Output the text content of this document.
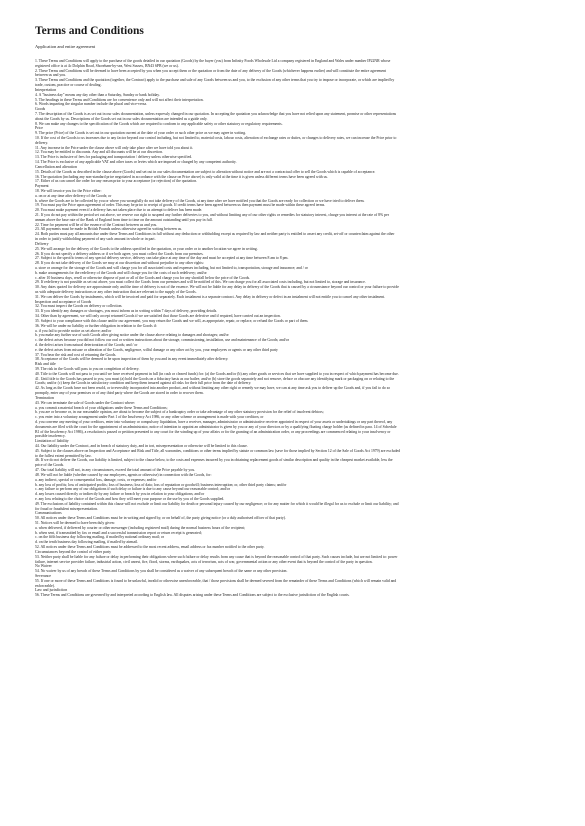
Terms and Conditions
Application and entire agreement
1. These Terms and Conditions will apply to the purchase of the goods detailed in our quotation (Goods) by the buyer (you) from Infinity Foods Wholesale Ltd a company registered in England and Wales under number IP22NR whose
registered office is at 4c Dolphin Road, Shoreham-by-sea, West Sussex, BN43 6PB (we or us).
2. These Terms and Conditions will be deemed to have been accepted by you when you accept them or the quotation or from the date of any delivery of the Goods (whichever happens earlier) and will constitute the entire agreement
between us and you.
3. These Terms and Conditions and the quotation (together, the Contract) apply to the purchase and sale of any Goods between us and you, to the exclusion of any other terms that you try to impose or incorporate, or which are implied by
trade, custom, practice or course of dealing.
Interpretation
4. A "business day" means any day other than a Saturday, Sunday or bank holiday.
5. The headings in these Terms and Conditions are for convenience only and will not affect their interpretation.
6. Words imparting the singular number include the plural and vice-versa.
Goods
7. The description of the Goods is as set out in our sales documentation, unless expressly changed in our quotation. In accepting the quotation you acknowledge that you have not relied upon any statement, promise or other representations
about the Goods by us. Descriptions of the Goods set out in our sales documentation are intended as a guide only.
8. We can make any changes to the specification of the Goods which are required to conform to any applicable safety or other statutory or regulatory requirements.
Price
9. The price (Price) of the Goods is set out in our quotation current at the date of your order or such other price as we may agree in writing.
10. If the cost of the Goods to us increases due to any factor beyond our control including, but not limited to, material costs, labour costs, alteration of exchange rates or duties, or changes to delivery rates, we can increase the Price prior to
delivery.
11. Any increase in the Price under the clause above will only take place after we have told you about it.
12. You may be entitled to discounts. Any and all discounts will be at our discretion.
13. The Price is inclusive of fees for packaging and transportation / delivery unless otherwise specified.
14. The Price is exclusive of any applicable VAT and other taxes or levies which are imposed or charged by any competent authority.
Cancellation and alteration
15. Details of the Goods as described in the clause above (Goods) and set out in our sales documentation are subject to alteration without notice and are not a contractual offer to sell the Goods which is capable of acceptance.
16. The quotation (including any non-standard price negotiated in accordance with the clause on Price above) is only valid at the time it is given unless different terms have been agreed with us.
17. Either of us can cancel the order for any reason prior to your acceptance (or rejection) of the quotation.
Payment
18. We will invoice you for the Price either:
a. on or at any time after delivery of the Goods; or
b. where the Goods are to be collected by you or where you wrongfully do not take delivery of the Goods, at any time after we have notified you that the Goods are ready for collection or we have tried to deliver them.
19. You must pay the Price upon agreement of order. This may be prior to receipt of goods. If credit terms have been agreed between us then payment must be made within these agreed terms.
20. You must make payment even if a delivery has not taken place due to us attempt to deliver has been made.
21. If you do not pay within the period set out above, we reserve our right to suspend any further deliveries to you, and without limiting any of our other rights or remedies for statutory interest, charge you interest at the rate of 8% per
annum above the base rate of the Bank of England from time to time on the amount outstanding until you pay in full.
22. Time for payment will be of the essence of the Contract between us and you.
23. All payments must be made in British Pounds unless otherwise agreed in writing between us.
24. Both parties must pay all amounts due under these Terms and Conditions in full without any deduction or withholding except as required by law and neither party is entitled to assert any credit, set-off or counterclaim against the other
in order to justify withholding payment of any such amount in whole or in part.
Delivery
25. We will arrange for the delivery of the Goods to the address specified in the quotation, or your order or to another location we agree in writing.
26. If you do not specify a delivery address or if we both agree, you must collect the Goods from our premises.
27. Subject to the specific terms of any special delivery service, delivery can take place at any time of the day and must be accepted at any time between 8 am to 8 pm.
28. If you do not take delivery of the Goods we may at our discretion and without prejudice to any other rights:
a. store or arrange for the storage of the Goods and will charge you for all associated costs and expenses including, but not limited to, transportation, storage and insurance; and / or
b. make arrangements for the redelivery of the Goods and will charge you for the costs of such redelivery; and/or
c. after 10 business days, resell or otherwise dispose of part or all of the Goods and charge you for any shortfall below the price of the Goods.
29. If redelivery is not possible as set out above, you must collect the Goods from our premises and will be notified of this. We can charge you for all associated costs including, but not limited to, storage and insurance.
30. Any dates quoted for delivery are approximate only and the time of delivery is not of the essence. We will not be liable for any delay in delivery of the Goods that is caused by a circumstance beyond our control or your failure to provide
us with adequate delivery instructions or any other instruction that are relevant to the supply of the Goods.
31. We can deliver the Goods by instalments, which will be invoiced and paid for separately. Each instalment is a separate contract. Any delay in delivery or defect in an instalment will not entitle you to cancel any other instalment.
Inspection and acceptance of Goods
32. You must inspect the Goods on delivery or collection.
33. If you identify any damages or shortages, you must inform us in writing within 7 days of delivery, providing details.
34. Other than by agreement, we will only accept returned Goods if we are satisfied that those Goods are defective and if required, have carried out an inspection.
35. Subject to your compliance with this clause and/or our agreement, you may return the Goods and we will, as appropriate, repair, or replace, or refund the Goods or part of them.
36. We will be under no liability or further obligation in relation to the Goods if:
a. if you fail to provide notice as set above; and/or
b. you make any further use of such Goods after giving notice under the clause above relating to damages and shortages; and/or
c. the defect arises because you did not follow our oral or written instructions about the storage, commissioning, installation, use and maintenance of the Goods; and/or
d. the defect arises from natural deterioration of the Goods; and / or
e. the defect arises from misuse or alteration of the Goods, negligence, wilful damage or any other act by you, your employees or agents or any other third party
37. You bear the risk and cost of returning the Goods.
38. Acceptance of the Goods will be deemed to be upon inspection of them by you and in any event immediately after delivery.
Risk and title
39. The risk in the Goods will pass to you on completion of delivery.
40. Title to the Goods will not pass to you until we have received payment in full (in cash or cleared funds) for: (a) the Goods and/or (b) any other goods or services that we have supplied to you in respect of which payment has become due.
41. Until title to the Goods has passed to you, you must (a) hold the Goods on a fiduciary basis as our bailee, and/or (b) store the goods separately and not remove, deface or obscure any identifying mark or packaging on or relating to the
Goods; and/or (c) keep the Goods in satisfactory condition and keep them insured against all risks for their full price from the date of delivery.
42. As long as the Goods have not been resold, or irreversibly incorporated into another product, and without limiting any other right or remedy we may have, we can at any time ask you to deliver up the Goods and, if you fail to do so
promptly, enter any of your premises or of any third party where the Goods are stored in order to recover them.
Termination
43. We can terminate the sale of Goods under the Contract where:
a. you commit a material breach of your obligations under these Terms and Conditions;
b. you are or become or, in our reasonable opinion, are about to become the subject of a bankruptcy order or take advantage of any other statutory provision for the relief of insolvent debtors;
c. you enter into a voluntary arrangement under Part 1 of the Insolvency Act 1986, or any other scheme or arrangement is made with your creditors; or
d. you convene any meeting of your creditors, enter into voluntary or compulsory liquidation, have a receiver, manager, administrator or administrative receiver appointed in respect of your assets or undertakings or any part thereof, any
documents are filed with the court for the appointment of an administrator, notice of intention to appoint an administrator is given by you or any of your directors or by a qualifying floating charge holder (as defined in para. 14 of Schedule
B1 of the Insolvency Act 1986), a resolution is passed or petition presented to any court for the winding up of your affairs or for the granting of an administration order, or any proceedings are commenced relating to your insolvency or
possible insolvency.
Limitation of liability
44. Our liability under the Contract, and in breach of statutory duty, and in tort, misrepresentation or otherwise will be limited to this clause.
45. Subject to the clauses above on Inspection and Acceptance and Risk and Title, all warranties, conditions or other terms implied by statute or common law (save for those implied by Section 12 of the Sale of Goods Act 1979) are excluded
to the fullest extent permitted by law.
46. If we do not deliver the Goods, our liability is limited, subject to the clause below, to the costs and expenses incurred by you in obtaining replacement goods of similar description and quality in the cheapest market available, less the
price of the Goods.
47. Our total liability will not, in any circumstances, exceed the total amount of the Price payable by you.
48. We will not be liable (whether caused by our employees, agents or otherwise) in connection with the Goods, for:
a. any indirect, special or consequential loss, damage, costs, or expenses; and/or
b. any loss of profits; loss of anticipated profits; loss of business; loss of data; loss of reputation or goodwill; business interruption; or, other third party claims; and/or
c. any failure to perform any of our obligations if such delay or failure is due to any cause beyond our reasonable control; and/or
d. any losses caused directly or indirectly by any failure or breach by you in relation to your obligations; and/or
e. any loss relating to the choice of the Goods and how they will meet your purpose or the use by you of the Goods supplied.
49. The exclusions of liability contained within this clause will not exclude or limit our liability for death or personal injury caused by our negligence; or for any matter for which it would be illegal for us to exclude or limit our liability; and
for fraud or fraudulent misrepresentation.
Communications
50. All notices under these Terms and Conditions must be in writing and signed by, or on behalf of, the party giving notice (or a duly authorised officer of that party).
51. Notices will be deemed to have been duly given:
a. when delivered, if delivered by courier or other messenger (including registered mail) during the normal business hours of the recipient;
b. when sent, if transmitted by fax or email and a successful transmission report or return receipt is generated;
c. on the fifth business day following mailing, if mailed by national ordinary mail; or
d. on the tenth business day following mailing, if mailed by airmail.
52. All notices under these Terms and Conditions must be addressed to the most recent address, email address or fax number notified to the other party.
Circumstances beyond the control of either party
53. Neither party shall be liable for any failure or delay in performing their obligations where such failure or delay results from any cause that is beyond the reasonable control of that party. Such causes include, but are not limited to: power
failure, internet service provider failure, industrial action, civil unrest, fire, flood, storms, earthquakes, acts of terrorism, acts of war, governmental action or any other event that is beyond the control of the party in question.
No Waiver
54. No waiver by us of any breach of these Terms and Conditions by you shall be considered as a waiver of any subsequent breach of the same or any other provision.
Severance
55. If one or more of these Terms and Conditions is found to be unlawful, invalid or otherwise unenforceable, that / those provisions shall be deemed severed from the remainder of these Terms and Conditions (which will remain valid and
enforceable).
Law and jurisdiction
56. These Terms and Conditions are governed by and interpreted according to English law. All disputes arising under these Terms and Conditions are subject to the exclusive jurisdiction of the English courts.
